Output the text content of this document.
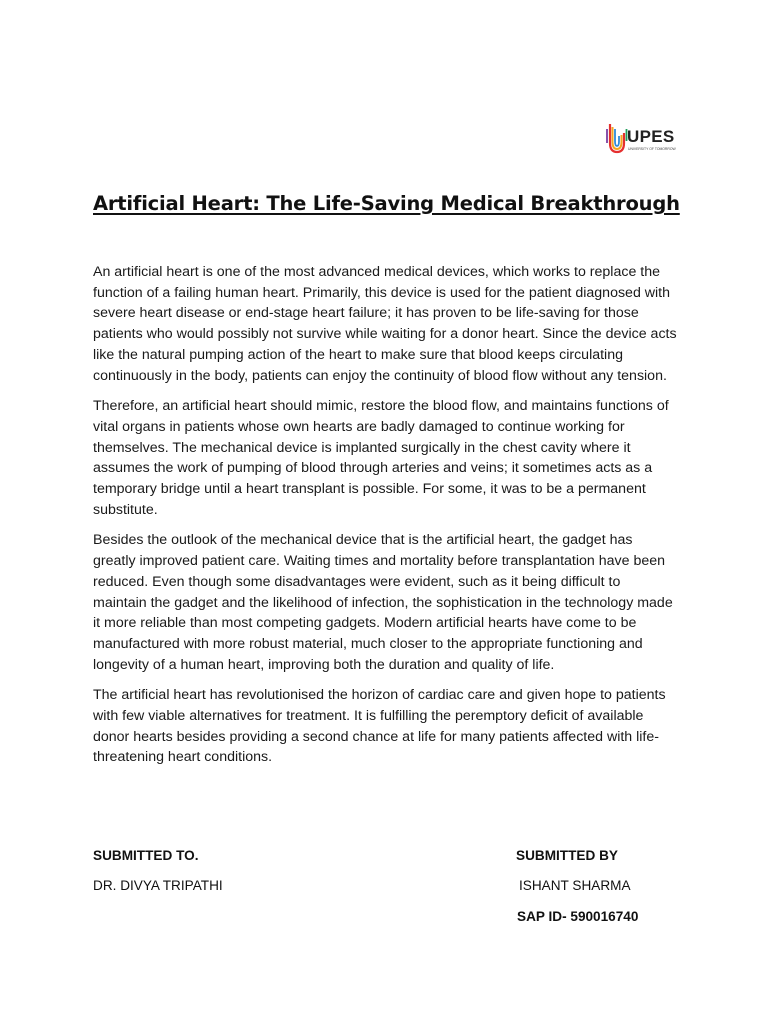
UPES
UNIVERSITY OF TOMORROW
Artificial Heart: The Life-Saving Medical Breakthrough

An artificial heart is one of the most advanced medical devices, which works to replace the function of a failing human heart. Primarily, this device is used for the patient diagnosed with severe heart disease or end-stage heart failure; it has proven to be life-saving for those patients who would possibly not survive while waiting for a donor heart. Since the device acts like the natural pumping action of the heart to make sure that blood keeps circulating continuously in the body, patients can enjoy the continuity of blood flow without any tension.

Therefore, an artificial heart should mimic, restore the blood flow, and maintains functions of vital organs in patients whose own hearts are badly damaged to continue working for themselves. The mechanical device is implanted surgically in the chest cavity where it assumes the work of pumping of blood through arteries and veins; it sometimes acts as a temporary bridge until a heart transplant is possible. For some, it was to be a permanent substitute.

Besides the outlook of the mechanical device that is the artificial heart, the gadget has greatly improved patient care. Waiting times and mortality before transplantation have been reduced. Even though some disadvantages were evident, such as it being difficult to maintain the gadget and the likelihood of infection, the sophistication in the technology made it more reliable than most competing gadgets. Modern artificial hearts have come to be manufactured with more robust material, much closer to the appropriate functioning and longevity of a human heart, improving both the duration and quality of life.

The artificial heart has revolutionised the horizon of cardiac care and given hope to patients with few viable alternatives for treatment. It is fulfilling the peremptory deficit of available donor hearts besides providing a second chance at life for many patients affected with life-threatening heart conditions.

SUBMITTED TO.
DR. DIVYA TRIPATHI
SUBMITTED BY
ISHANT SHARMA
SAP ID- 590016740
